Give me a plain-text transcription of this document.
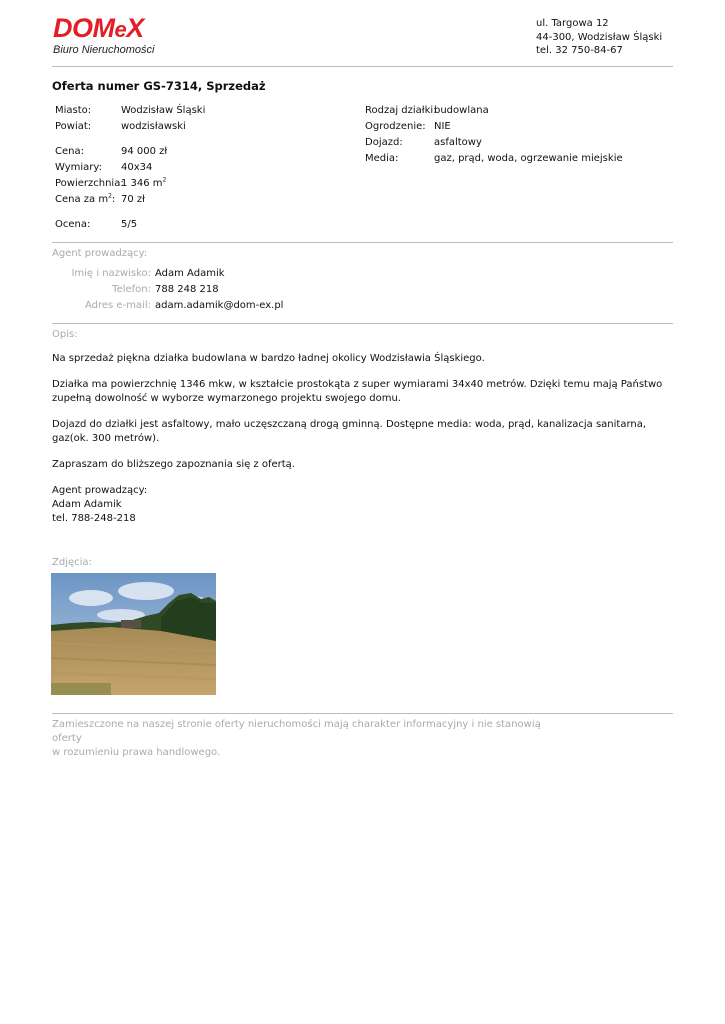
DOMeX
Biuro Nieruchomości
ul. Targowa 12
44-300, Wodzisław Śląski
tel. 32 750-84-67
Oferta numer GS-7314, Sprzedaż
Miasto:	Wodzisław Śląski
Powiat:	wodzisławski
Cena:	94 000 zł
Wymiary: 40x34
Powierzchnia:
1 346 $m^2$
Cena za $m^2$: 70 zł
Ocena:	5/5
Rodzaj działki:
budowlana
Ogrodzenie: NIE
Dojazd:	asfaltowy
Media:	gaz, prąd, woda, ogrzewanie miejskie
Agent prowadzący:
Imię i nazwisko: Adam Adamik
Telefon: 788 248 218
Adres e-mail: adam.adamik@dom-ex.pl
Opis:

Na sprzedaż piękna działka budowlana w bardzo ładnej okolicy Wodzisławia Śląskiego.

Działka ma powierzchnię 1346 mkw, w kształcie prostokąta z super wymiarami 34x40 metrów. Dzięki temu mają Państwo zupełną dowolność w wyborze wymarzonego projektu swojego domu.

Dojazd do działki jest asfaltowy, mało uczęszczaną drogą gminną. Dostępne media: woda, prąd, kanalizacja sanitarna, gaz(ok. 300 metrów).

Zapraszam do bliższego zapoznania się z ofertą.

Agent prowadzący:
Adam Adamik
tel. 788-248-218
Zdjęcia:
Zamieszczone na naszej stronie oferty nieruchomości mają charakter informacyjny i nie stanowią oferty
w rozumieniu prawa handlowego.
